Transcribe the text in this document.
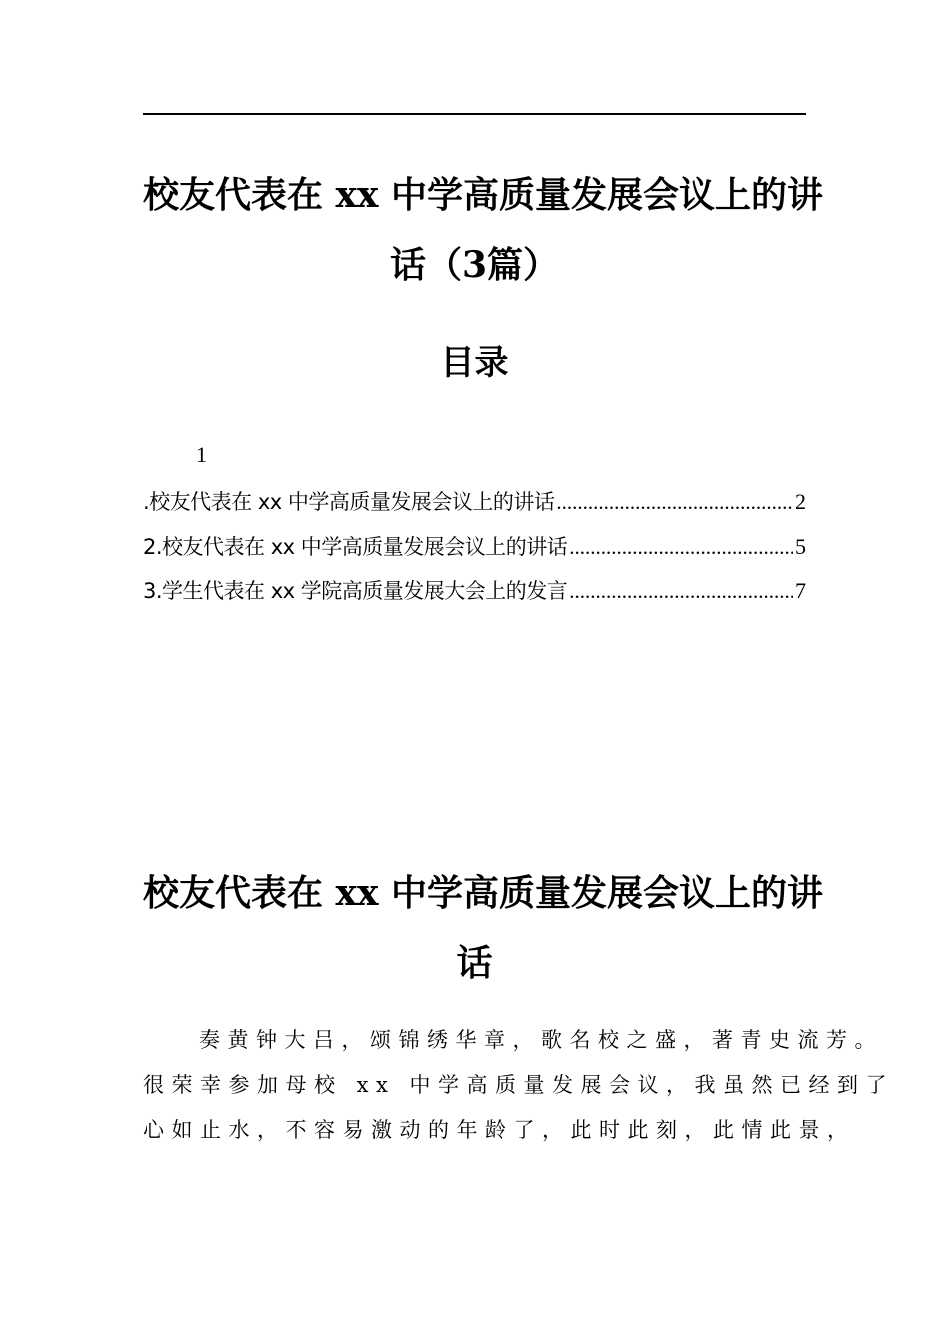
校友代表在 xx 中学高质量发展会议上的讲
话（3篇）
目录
1
.校友代表在 xx 中学高质量发展会议上的讲话 .....	2
2.校友代表在 xx 中学高质量发展会议上的讲话 .....	5
3.学生代表在 xx 学院高质量发展大会上的发言 .....	7
校友代表在 xx 中学高质量发展会议上的讲
话

奏黄钟大吕，颂锦绣华章，歌名校之盛，著青史流芳。
很荣幸参加母校 xx 中学高质量发展会议，我虽然已经到了
心如止水，不容易激动的年龄了，此时此刻，此情此景，
